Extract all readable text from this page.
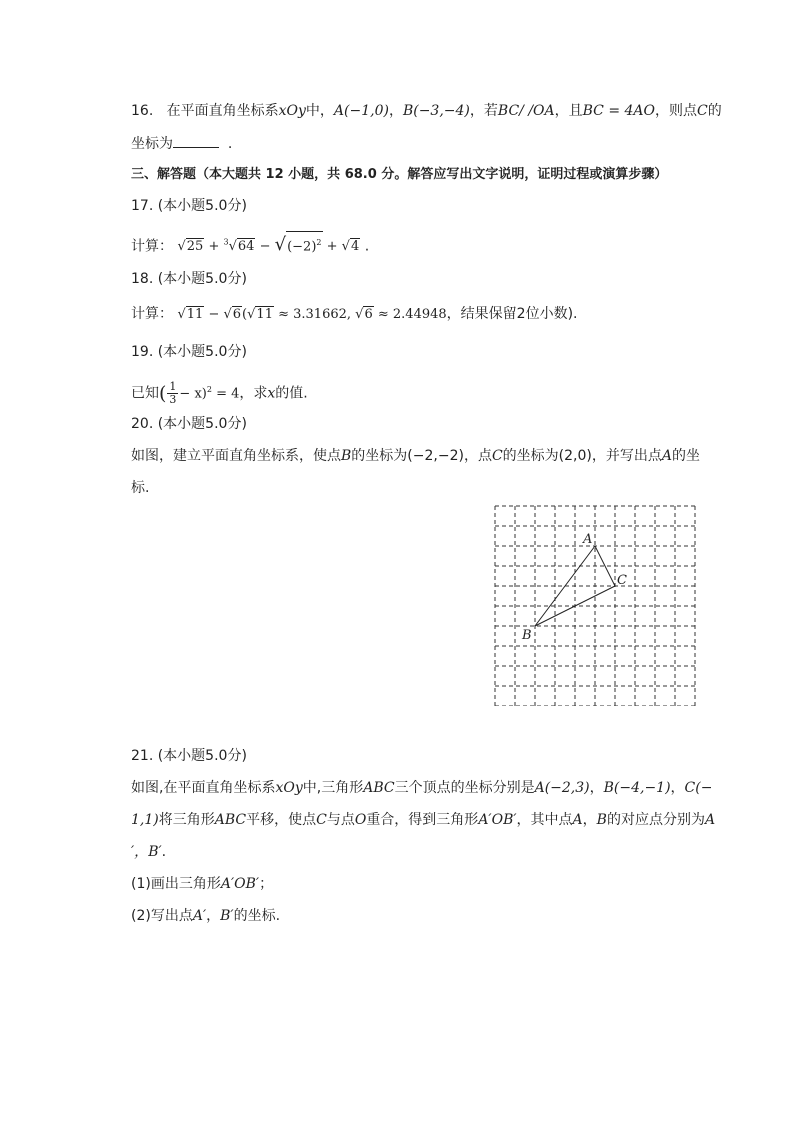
16. 在平面直角坐标系xOy中，A(−1,0)，B(−3,−4)，若BC/ /OA，且BC = 4AO，则点C的
坐标为	.
三、解答题（本大题共 12 小题，共 68.0 分。解答应写出文字说明，证明过程或演算步骤）
17. (本小题5.0分)
计算： $√25 + ^3√64 - √(-2)^2 + √4$ .
18. (本小题5.0分)
计算： √11 − √6(√11 ≈ 3.31662, √6 ≈ 2.44948，结果保留2位小数).
19. (本小题5.0分)
已知( $\frac{1}{3} - x)^2 = 4$，求x的值.
20. (本小题5.0分)
如图，建立平面直角坐标系，使点B的坐标为(−2,−2)，点C的坐标为(2,0)，并写出点A的坐
标.
A
C
B
21. (本小题5.0分)
如图,在平面直角坐标系xOy中,三角形ABC三个顶点的坐标分别是A(−2,3)，B(−4,−1)，C(−
1,1)将三角形ABC平移，使点C与点O重合，得到三角形A′OB′，其中点A，B的对应点分别为A
′，B′.
(1)画出三角形A′OB′；
(2)写出点A′，B′的坐标.
